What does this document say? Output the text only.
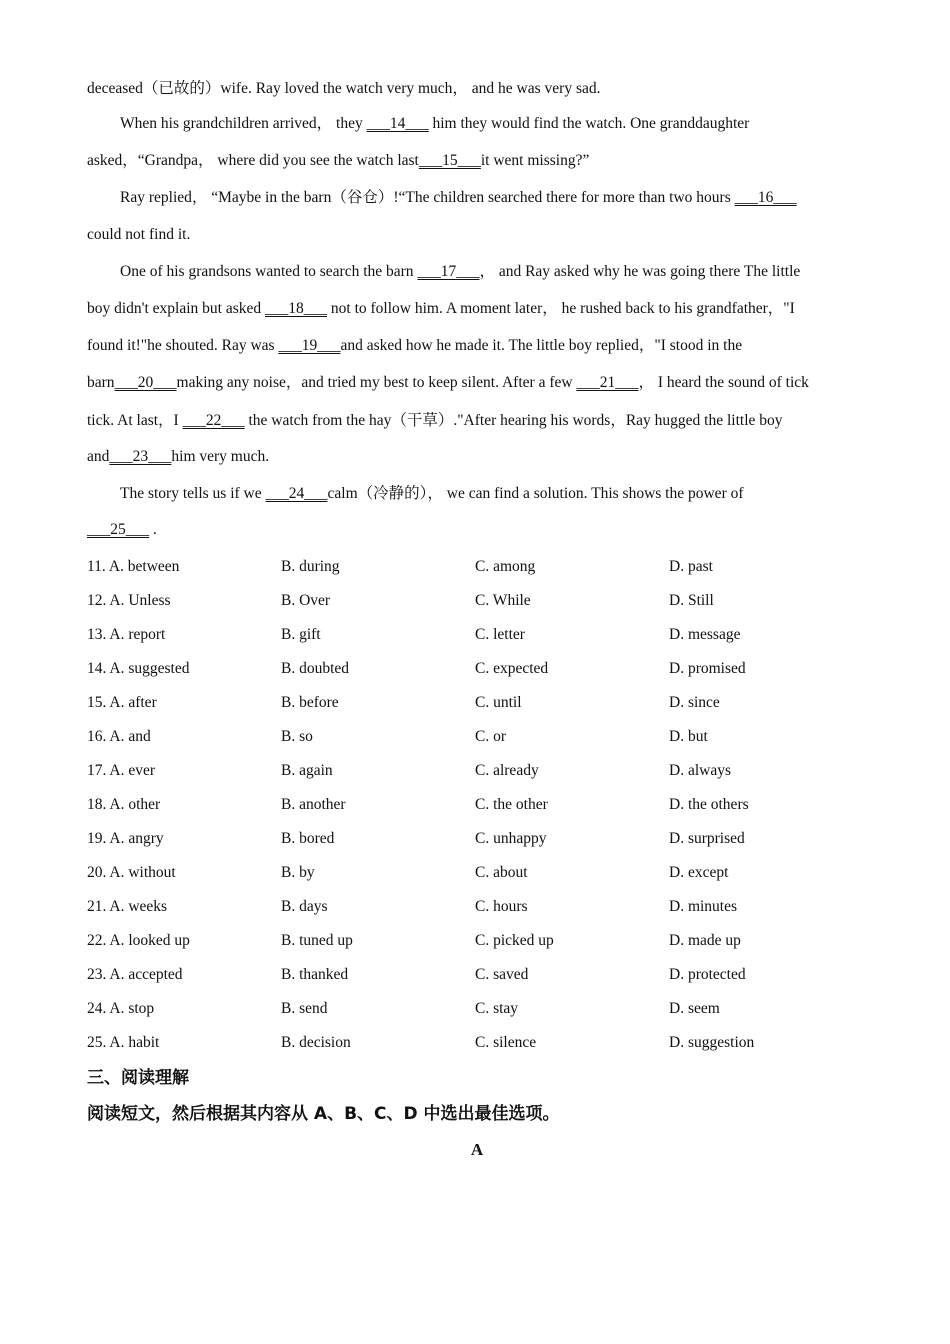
deceased（已故的）wife. Ray loved the watch very much， and he was very sad.
When his grandchildren arrived， they ___14___ him they would find the watch. One granddaughter
asked，“Grandpa， where did you see the watch last___15___it went missing?”
Ray replied， “Maybe in the barn（谷仓）!“The children searched there for more than two hours ___16___
could not find it.
One of his grandsons wanted to search the barn ___17___， and Ray asked why he was going there The little
boy didn't explain but asked ___18___ not to follow him. A moment later， he rushed back to his grandfather，"I
found it!"he shouted. Ray was ___19___and asked how he made it. The little boy replied，"I stood in the
barn___20___making any noise，and tried my best to keep silent. After a few ___21___， I heard the sound of tick
tick. At last，I ___22___ the watch from the hay（干草）."After hearing his words，Ray hugged the little boy
and___23___him very much.
The story tells us if we ___24___calm（冷静的）， we can find a solution. This shows the power of
___25___ .
11. A. between	B. during	C. among	D. past
12. A. Unless	B. Over	C. While	D. Still
13. A. report	B. gift	C. letter	D. message
14. A. suggested	B. doubted	C. expected	D. promised
15. A. after	B. before	C. until	D. since
16. A. and	B. so	C. or	D. but
17. A. ever	B. again	C. already	D. always
18. A. other	B. another	C. the other	D. the others
19. A. angry	B. bored	C. unhappy	D. surprised
20. A. without	B. by	C. about	D. except
21. A. weeks	B. days	C. hours	D. minutes
22. A. looked up	B. tuned up	C. picked up	D. made up
23. A. accepted	B. thanked	C. saved	D. protected
24. A. stop	B. send	C. stay	D. seem
25. A. habit	B. decision	C. silence	D. suggestion
三、阅读理解
阅读短文，然后根据其内容从 A、B、C、D 中选出最佳选项。
A
